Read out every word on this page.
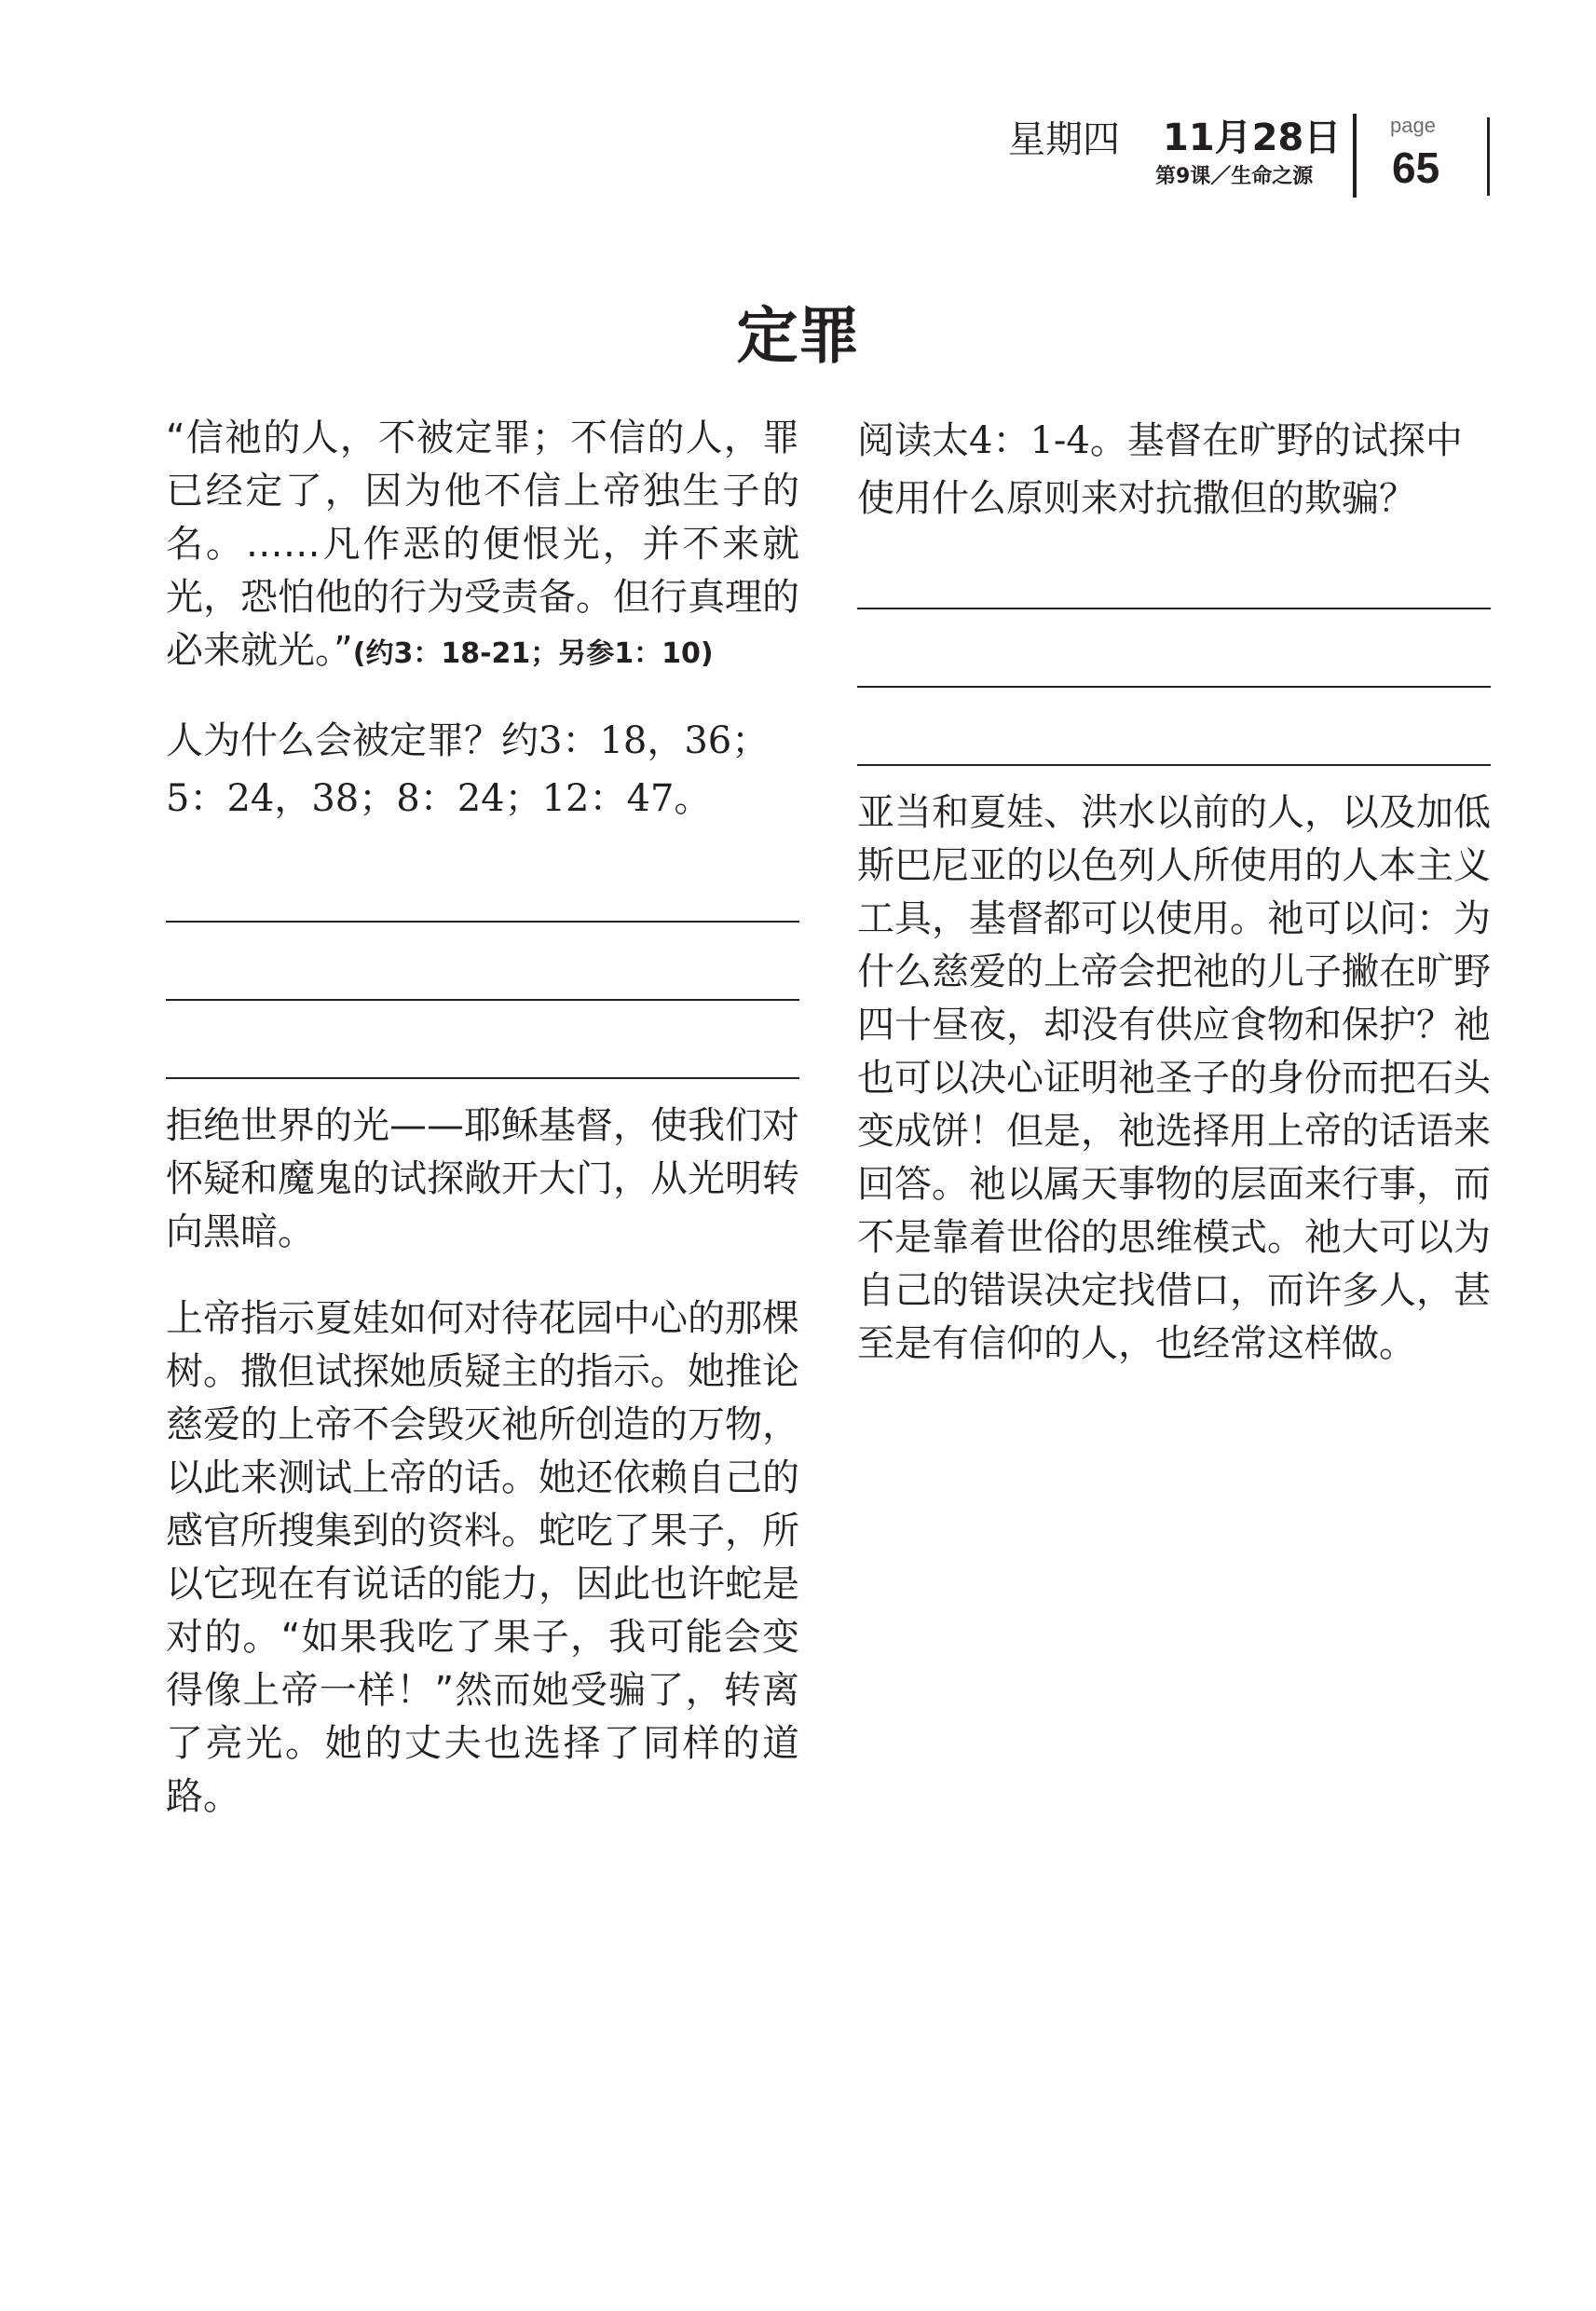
星期四 11月28日
第9课／生命之源
page
65
定罪

“信祂的人，不被定罪；不信的人，罪已经定了，因为他不信上帝独生子的名。……凡作恶的便恨光，并不来就光，恐怕他的行为受责备。但行真理的必来就光。”(约3：18-21；另参1：10)

人为什么会被定罪？约3：18，36；5：24，38；8：24；12：47。

拒绝世界的光——耶稣基督，使我们对怀疑和魔鬼的试探敞开大门，从光明转向黑暗。

上帝指示夏娃如何对待花园中心的那棵树。撒但试探她质疑主的指示。她推论慈爱的上帝不会毁灭祂所创造的万物，以此来测试上帝的话。她还依赖自己的感官所搜集到的资料。蛇吃了果子，所以它现在有说话的能力，因此也许蛇是对的。“如果我吃了果子，我可能会变得像上帝一样！”然而她受骗了，转离了亮光。她的丈夫也选择了同样的道路。

阅读太4：1-4。基督在旷野的试探中使用什么原则来对抗撒但的欺骗？

亚当和夏娃、洪水以前的人，以及加低斯巴尼亚的以色列人所使用的人本主义工具，基督都可以使用。祂可以问：为什么慈爱的上帝会把祂的儿子撇在旷野四十昼夜，却没有供应食物和保护？祂也可以决心证明祂圣子的身份而把石头变成饼！但是，祂选择用上帝的话语来回答。祂以属天事物的层面来行事，而不是靠着世俗的思维模式。祂大可以为自己的错误决定找借口，而许多人，甚至是有信仰的人，也经常这样做。
